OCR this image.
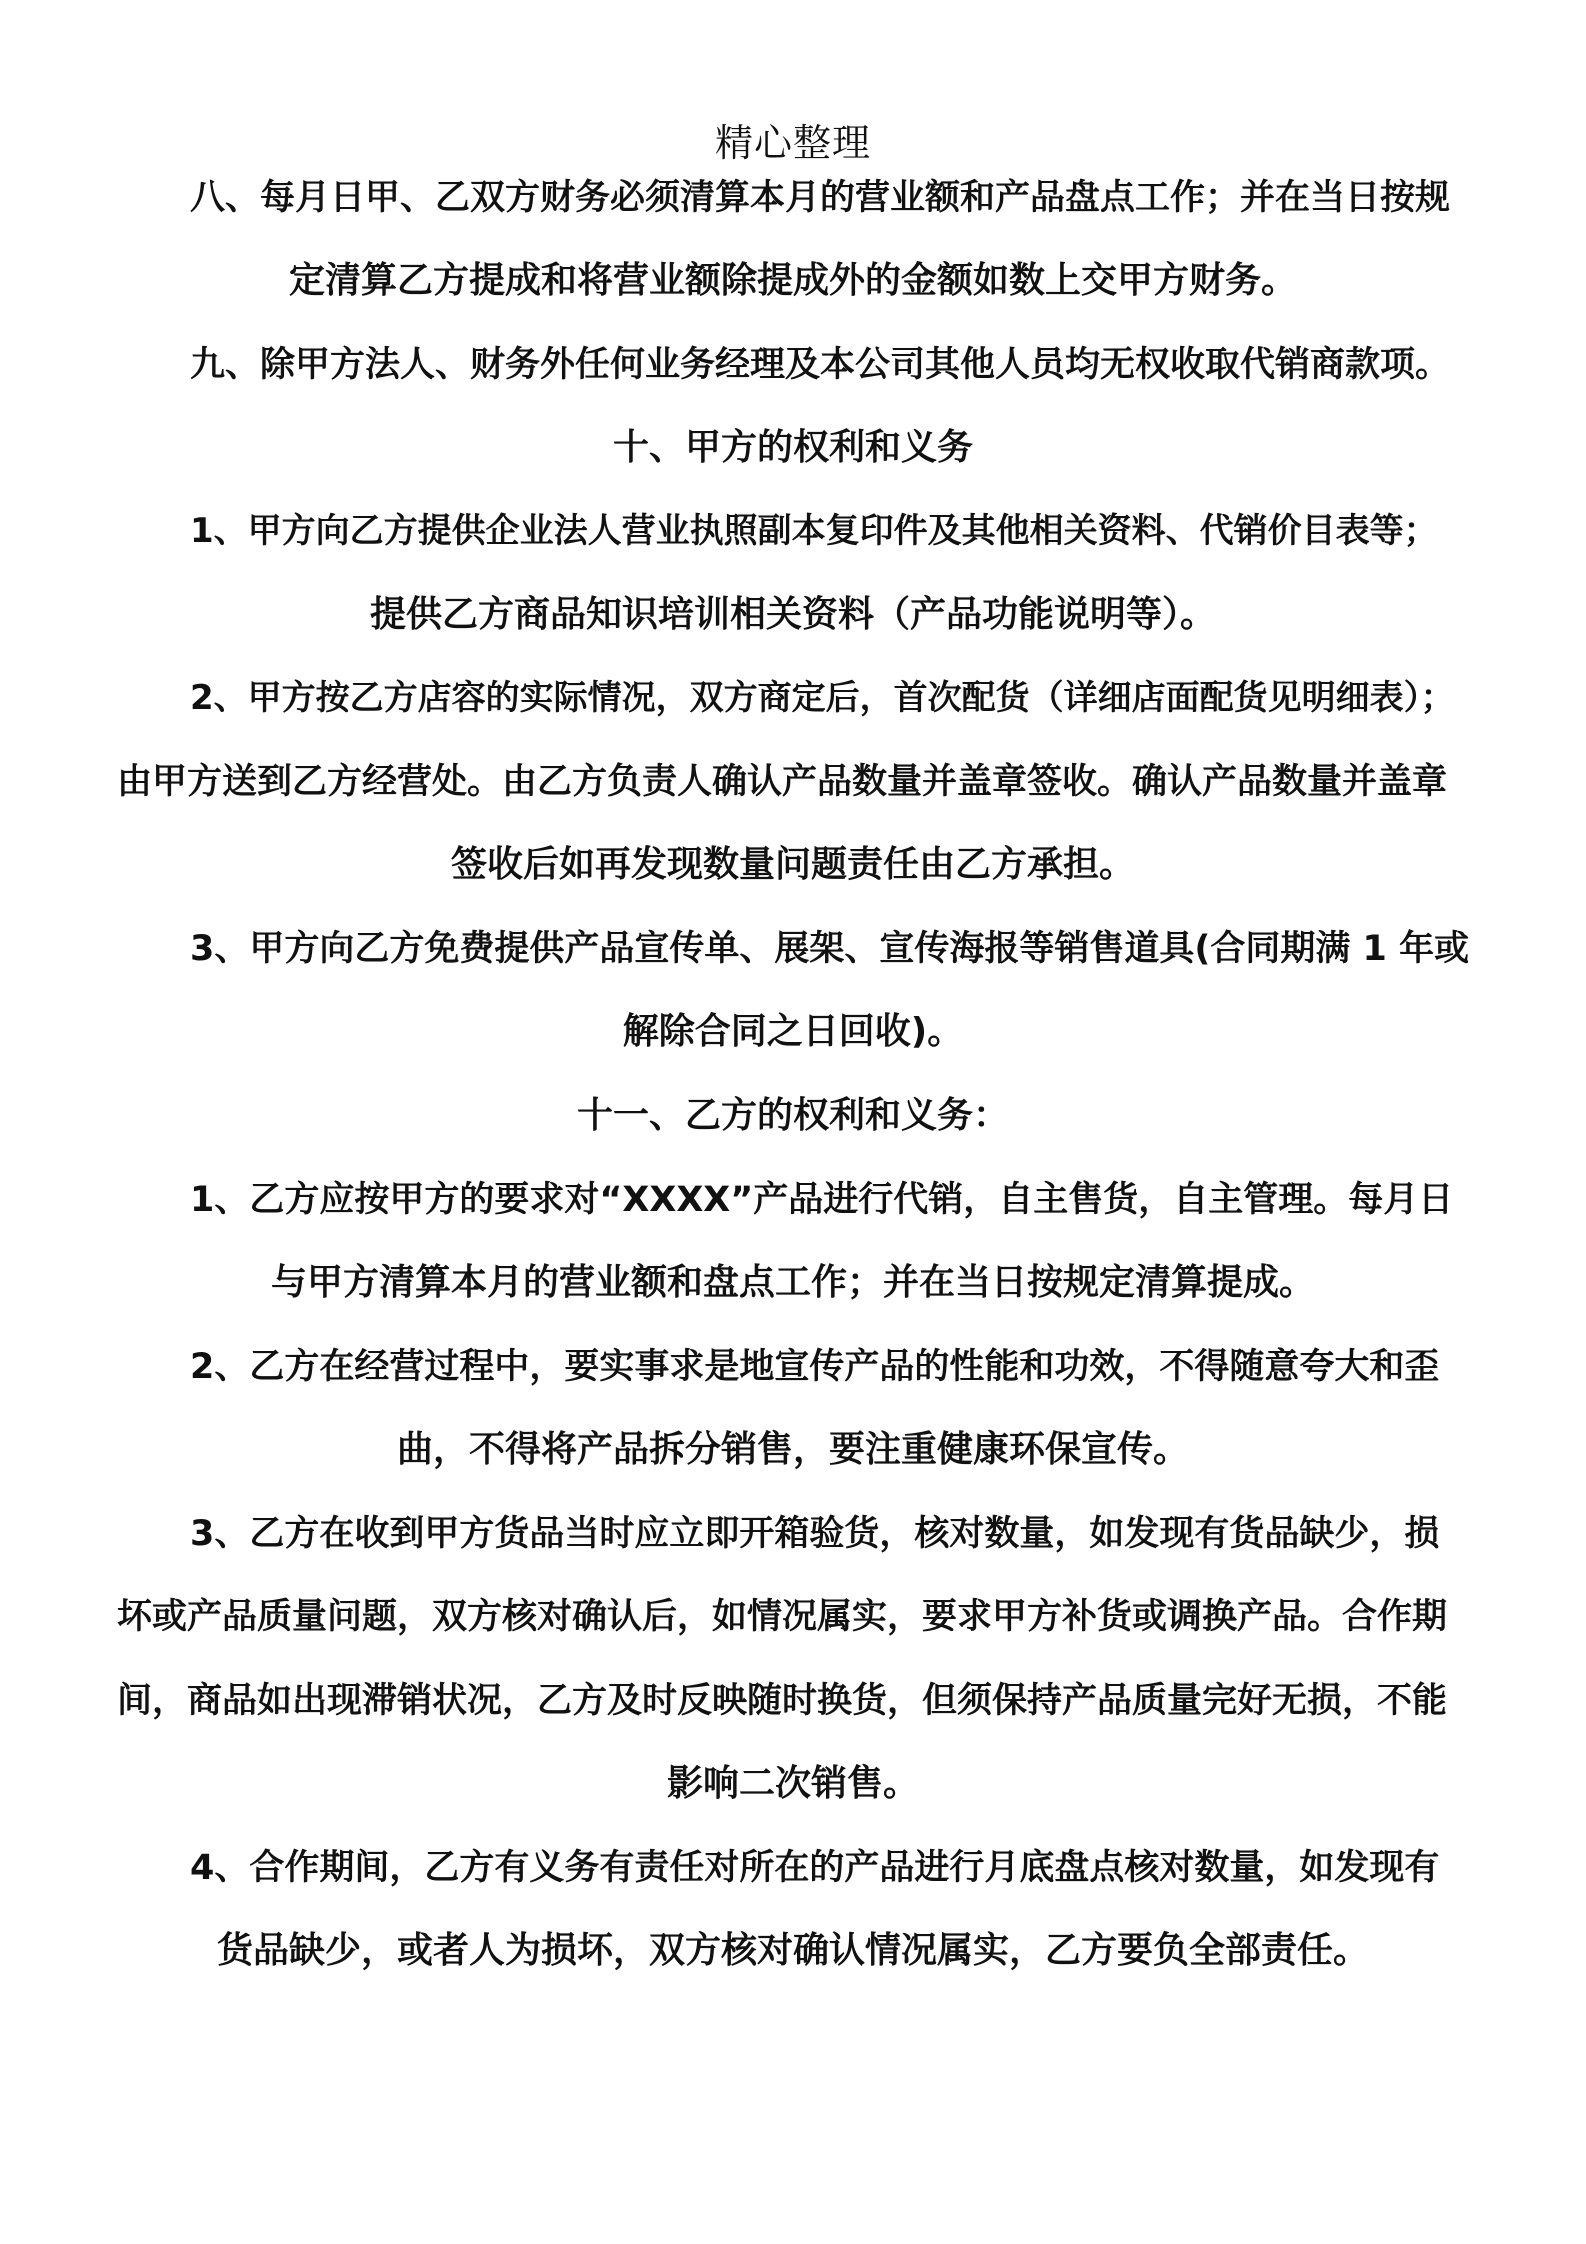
精心整理
八、每月日甲、乙双方财务必须清算本月的营业额和产品盘点工作；并在当日按规
定清算乙方提成和将营业额除提成外的金额如数上交甲方财务。
九、除甲方法人、财务外任何业务经理及本公司其他人员均无权收取代销商款项。
十、甲方的权利和义务
1、甲方向乙方提供企业法人营业执照副本复印件及其他相关资料、代销价目表等；
提供乙方商品知识培训相关资料（产品功能说明等）。
2、甲方按乙方店容的实际情况，双方商定后，首次配货（详细店面配货见明细表）；
由甲方送到乙方经营处。由乙方负责人确认产品数量并盖章签收。确认产品数量并盖章
签收后如再发现数量问题责任由乙方承担。
3、甲方向乙方免费提供产品宣传单、展架、宣传海报等销售道具(合同期满 1 年或
解除合同之日回收)。
十一、乙方的权利和义务：
1、乙方应按甲方的要求对“XXXX”产品进行代销，自主售货，自主管理。每月日
与甲方清算本月的营业额和盘点工作；并在当日按规定清算提成。
2、乙方在经营过程中，要实事求是地宣传产品的性能和功效，不得随意夸大和歪
曲，不得将产品拆分销售，要注重健康环保宣传。
3、乙方在收到甲方货品当时应立即开箱验货，核对数量，如发现有货品缺少，损
坏或产品质量问题，双方核对确认后，如情况属实，要求甲方补货或调换产品。合作期
间，商品如出现滞销状况，乙方及时反映随时换货，但须保持产品质量完好无损，不能
影响二次销售。
4、合作期间，乙方有义务有责任对所在的产品进行月底盘点核对数量，如发现有
货品缺少，或者人为损坏，双方核对确认情况属实，乙方要负全部责任。
